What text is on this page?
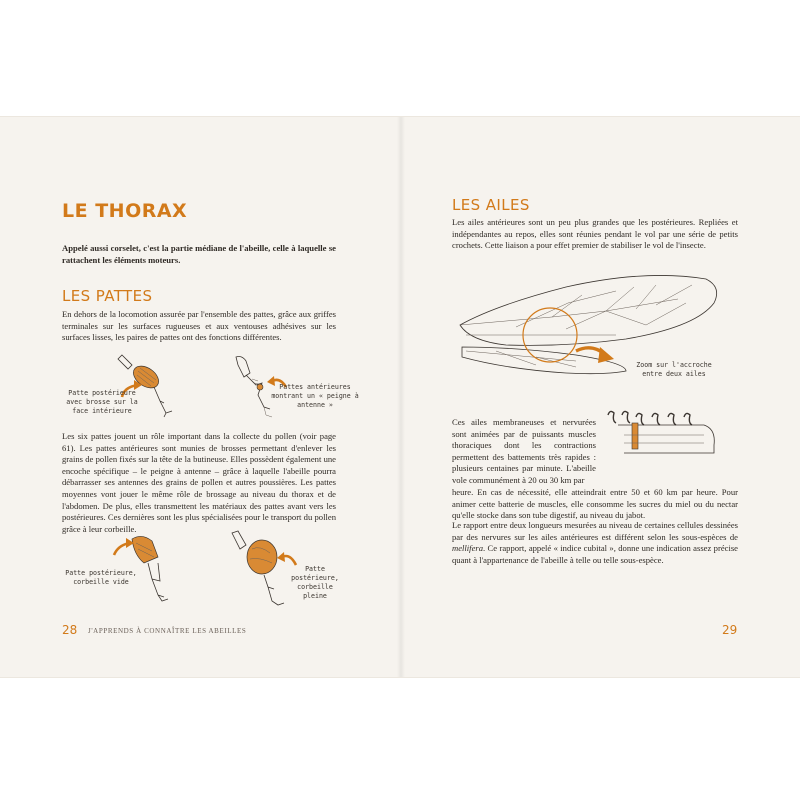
LE THORAX

Appelé aussi corselet, c'est la partie médiane de l'abeille, celle à laquelle se rattachent les éléments moteurs.

LES PATTES

En dehors de la locomotion assurée par l'ensemble des pattes, grâce aux griffes terminales sur les surfaces rugueuses et aux ventouses adhésives sur les surfaces lisses, les paires de pattes ont des fonctions différentes.

Patte postérieure avec brosse sur la face intérieure

Pattes antérieures montrant un « peigne à antenne »

Les six pattes jouent un rôle important dans la collecte du pollen (voir page 61). Les pattes antérieures sont munies de brosses permettant d'enlever les grains de pollen fixés sur la tête de la butineuse. Elles possèdent également une encoche spécifique – le peigne à antenne – grâce à laquelle l'abeille pourra débarrasser ses antennes des grains de pollen et autres poussières. Les pattes moyennes vont jouer le même rôle de brossage au niveau du thorax et de l'abdomen. De plus, elles transmettent les matériaux des pattes avant vers les postérieures. Ces dernières sont les plus spécialisées pour le transport du pollen grâce à leur corbeille.

Patte postérieure, corbeille vide

Patte postérieure, corbeille pleine

28 J'APPRENDS À CONNAÎTRE LES ABEILLES

LES AILES

Les ailes antérieures sont un peu plus grandes que les postérieures. Repliées et indépendantes au repos, elles sont réunies pendant le vol par une série de petits crochets. Cette liaison a pour effet premier de stabiliser le vol de l'insecte.

Zoom sur l'accroche entre deux ailes

Ces ailes membraneuses et nervurées sont animées par de puissants muscles thoraciques dont les contractions permettent des battements très rapides : plusieurs centaines par minute. L'abeille vole communément à 20 ou 30 km par

heure. En cas de nécessité, elle atteindrait entre 50 et 60 km par heure. Pour animer cette batterie de muscles, elle consomme les sucres du miel ou du nectar qu'elle stocke dans son tube digestif, au niveau du jabot.

Le rapport entre deux longueurs mesurées au niveau de certaines cellules dessinées par des nervures sur les ailes antérieures est différent selon les sous-espèces de mellifera. Ce rapport, appelé « indice cubital », donne une indication assez précise quant à l'appartenance de l'abeille à telle ou telle sous-espèce.

29
